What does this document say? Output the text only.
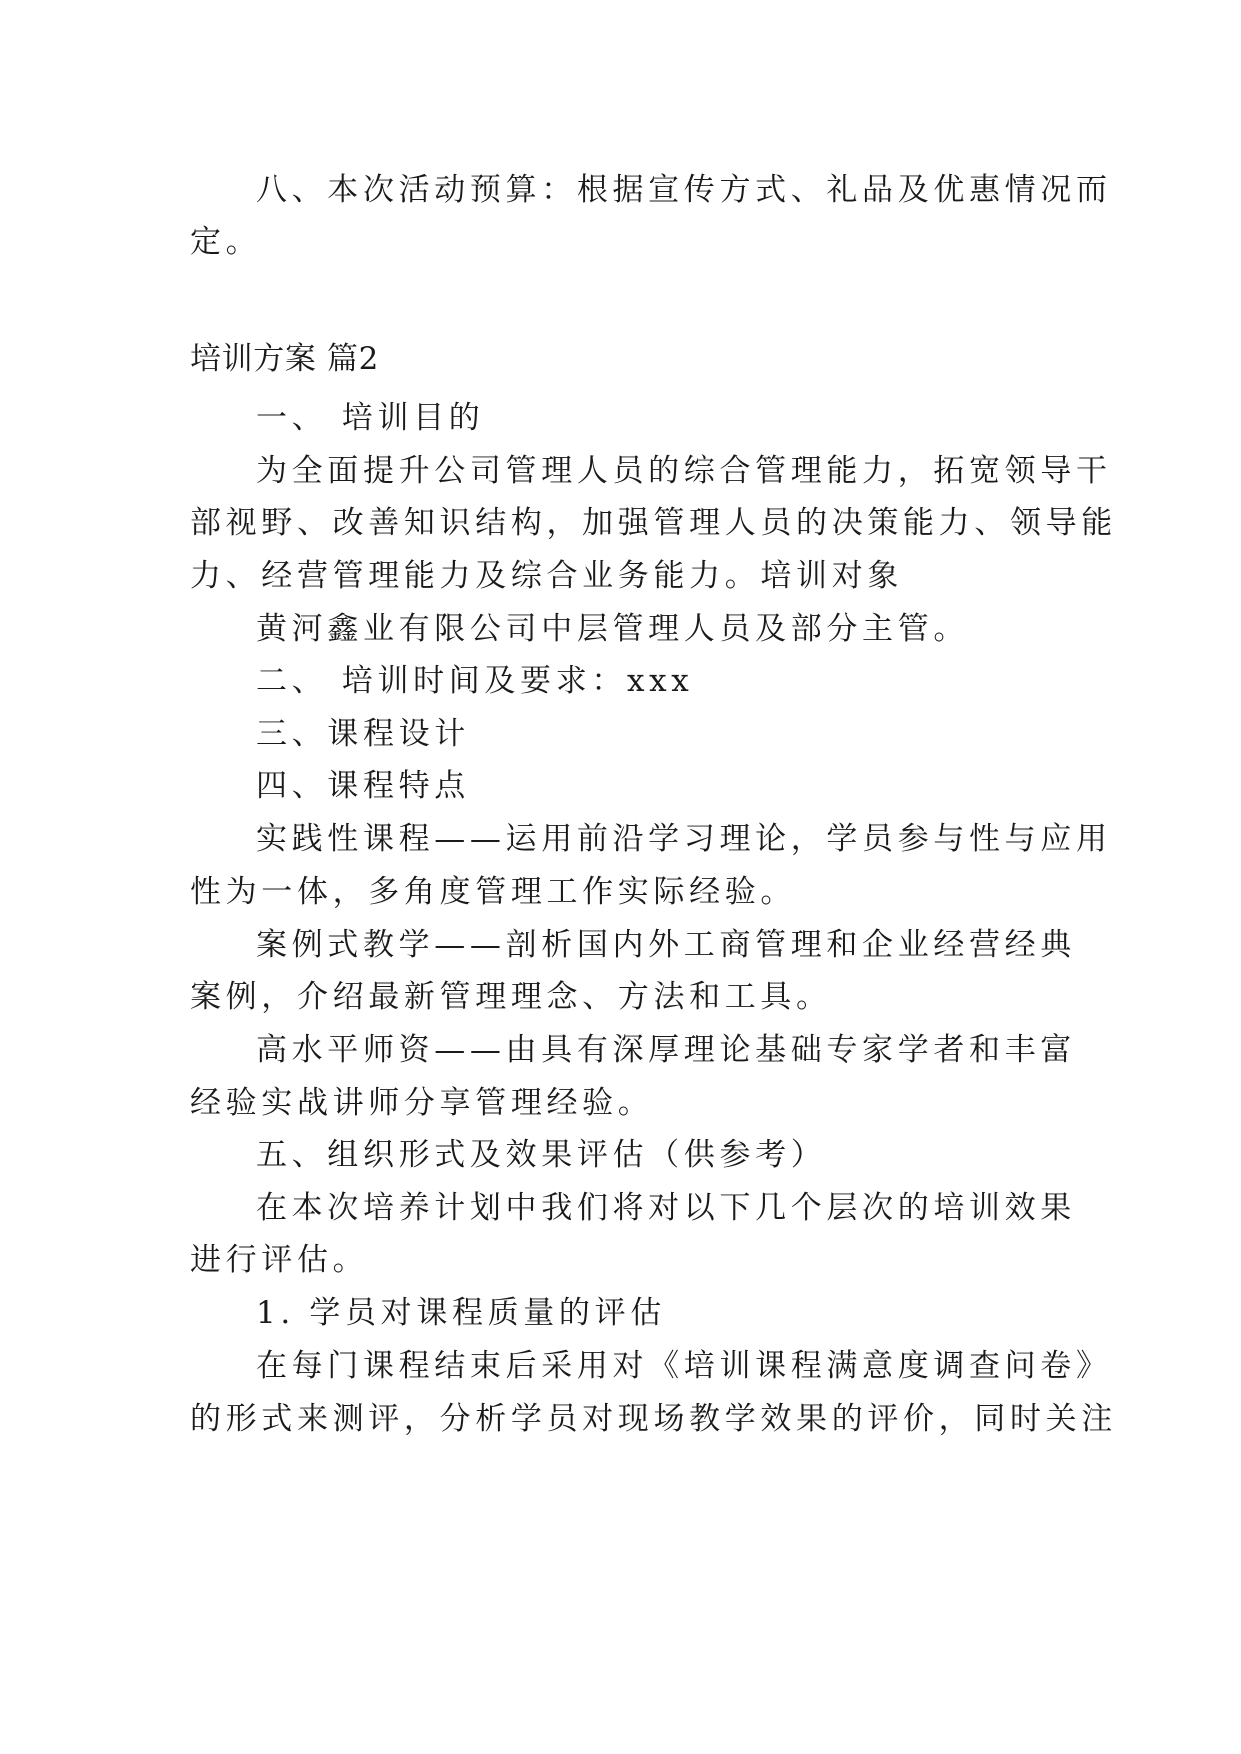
八、本次活动预算：根据宣传方式、礼品及优惠情况而

定。

培训方案 篇2

一、 培训目的

为全面提升公司管理人员的综合管理能力，拓宽领导干

部视野、改善知识结构，加强管理人员的决策能力、领导能

力、经营管理能力及综合业务能力。培训对象

黄河鑫业有限公司中层管理人员及部分主管。

二、 培训时间及要求：xxx

三、课程设计

四、课程特点

实践性课程——运用前沿学习理论，学员参与性与应用

性为一体，多角度管理工作实际经验。

案例式教学——剖析国内外工商管理和企业经营经典

案例，介绍最新管理理念、方法和工具。

高水平师资——由具有深厚理论基础专家学者和丰富

经验实战讲师分享管理经验。

五、组织形式及效果评估（供参考）

在本次培养计划中我们将对以下几个层次的培训效果

进行评估。

1. 学员对课程质量的评估

在每门课程结束后采用对《培训课程满意度调查问卷》

的形式来测评，分析学员对现场教学效果的评价，同时关注
